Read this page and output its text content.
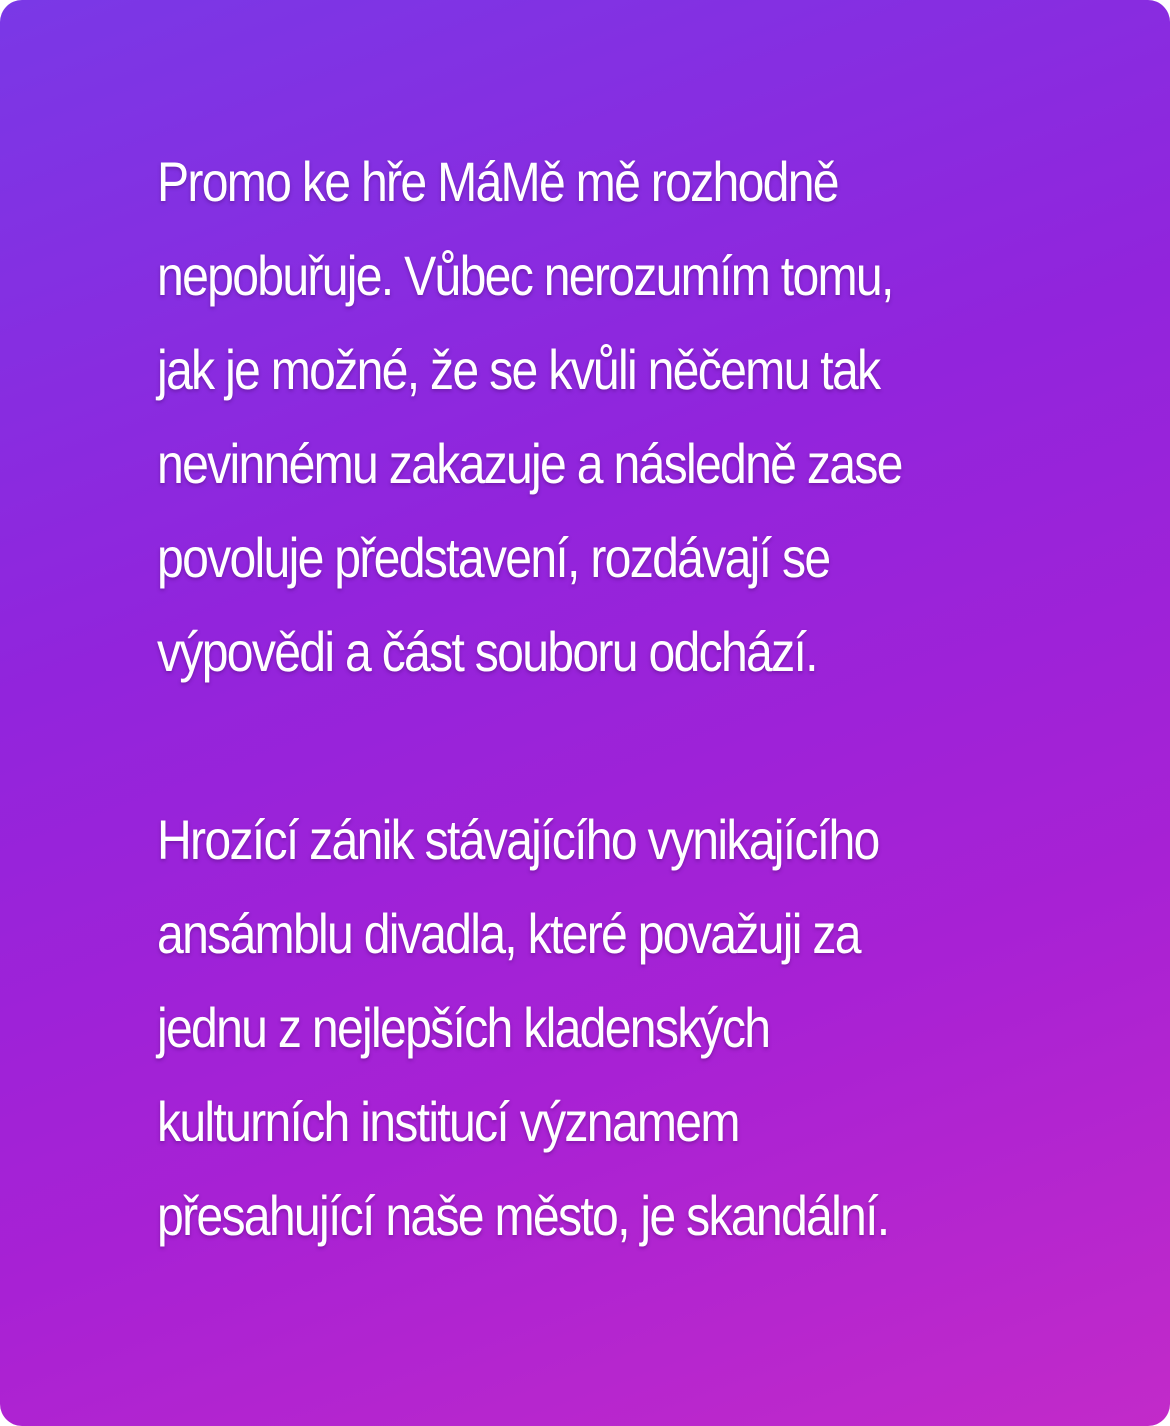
Promo ke hře MáMě mě rozhodně
nepobuřuje. Vůbec nerozumím tomu,
jak je možné, že se kvůli něčemu tak
nevinnému zakazuje a následně zase
povoluje představení, rozdávají se
výpovědi a část souboru odchází.

Hrozící zánik stávajícího vynikajícího
ansámblu divadla, které považuji za
jednu z nejlepších kladenských
kulturních institucí významem
přesahující naše město, je skandální.
